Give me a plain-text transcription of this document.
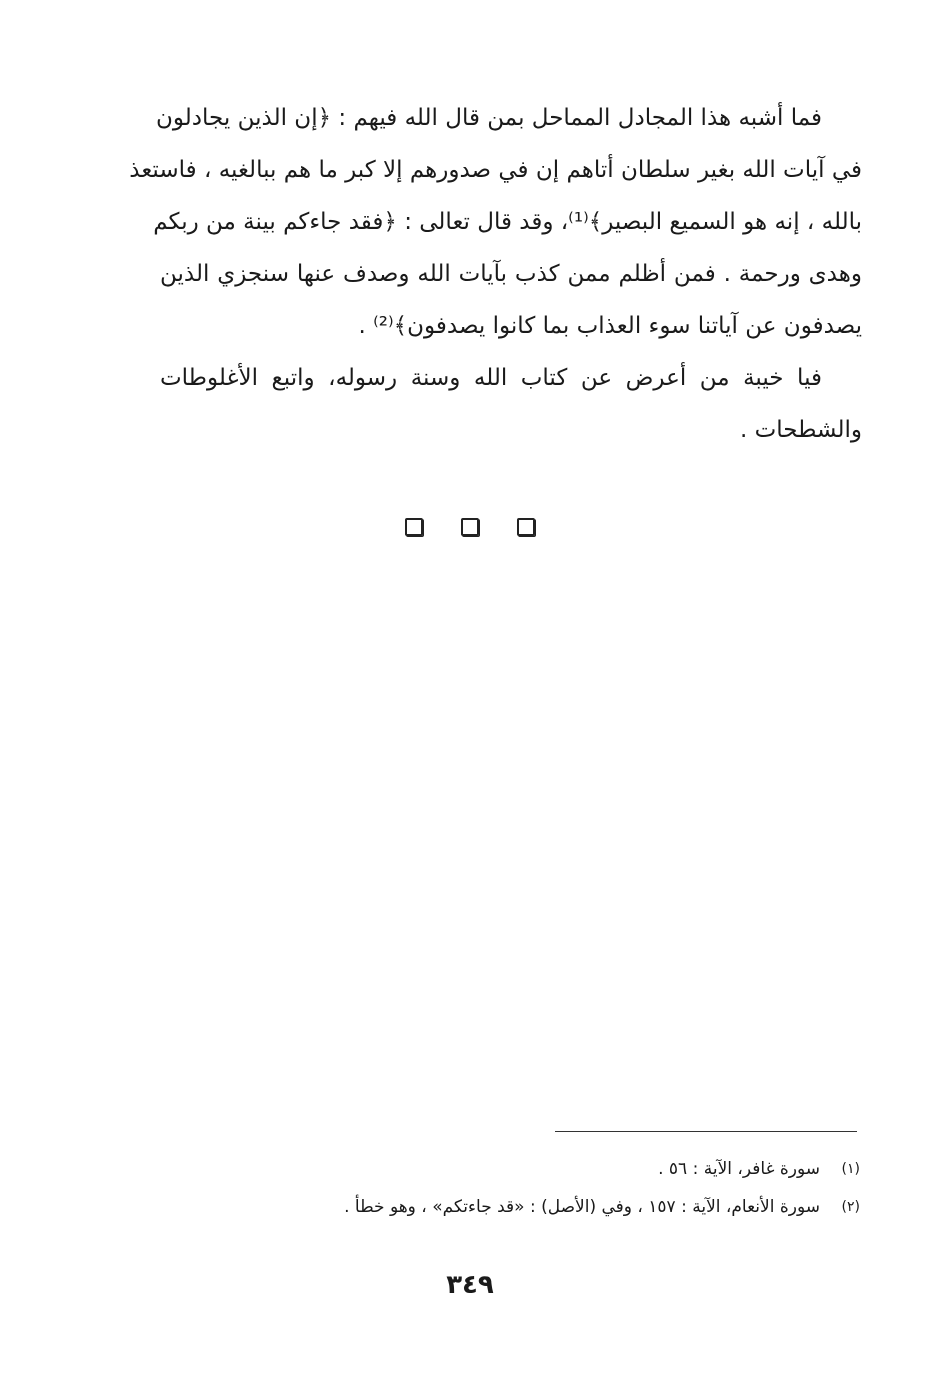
فما أشبه هذا المجادل المماحل بمن قال الله فيهم : ﴿إن الذين يجادلون
في آيات الله بغير سلطان أتاهم إن في صدورهم إلا كبر ما هم ببالغيه ، فاستعذ
بالله ، إنه هو السميع البصير﴾⁽¹⁾، وقد قال تعالى : ﴿فقد جاءكم بينة من ربكم
وهدى ورحمة . فمن أظلم ممن كذب بآيات الله وصدف عنها سنجزي الذين
يصدفون عن آياتنا سوء العذاب بما كانوا يصدفون﴾⁽²⁾ .

فيا خيبة من أعرض عن كتاب الله وسنة رسوله، واتبع الأغلوطات
والشطحات .

(١)
سورة غافر، الآية : ٥٦ .
(٢)
سورة الأنعام، الآية : ١٥٧ ، وفي (الأصل) : «قد جاءتكم» ، وهو خطأ .
٣٤٩
